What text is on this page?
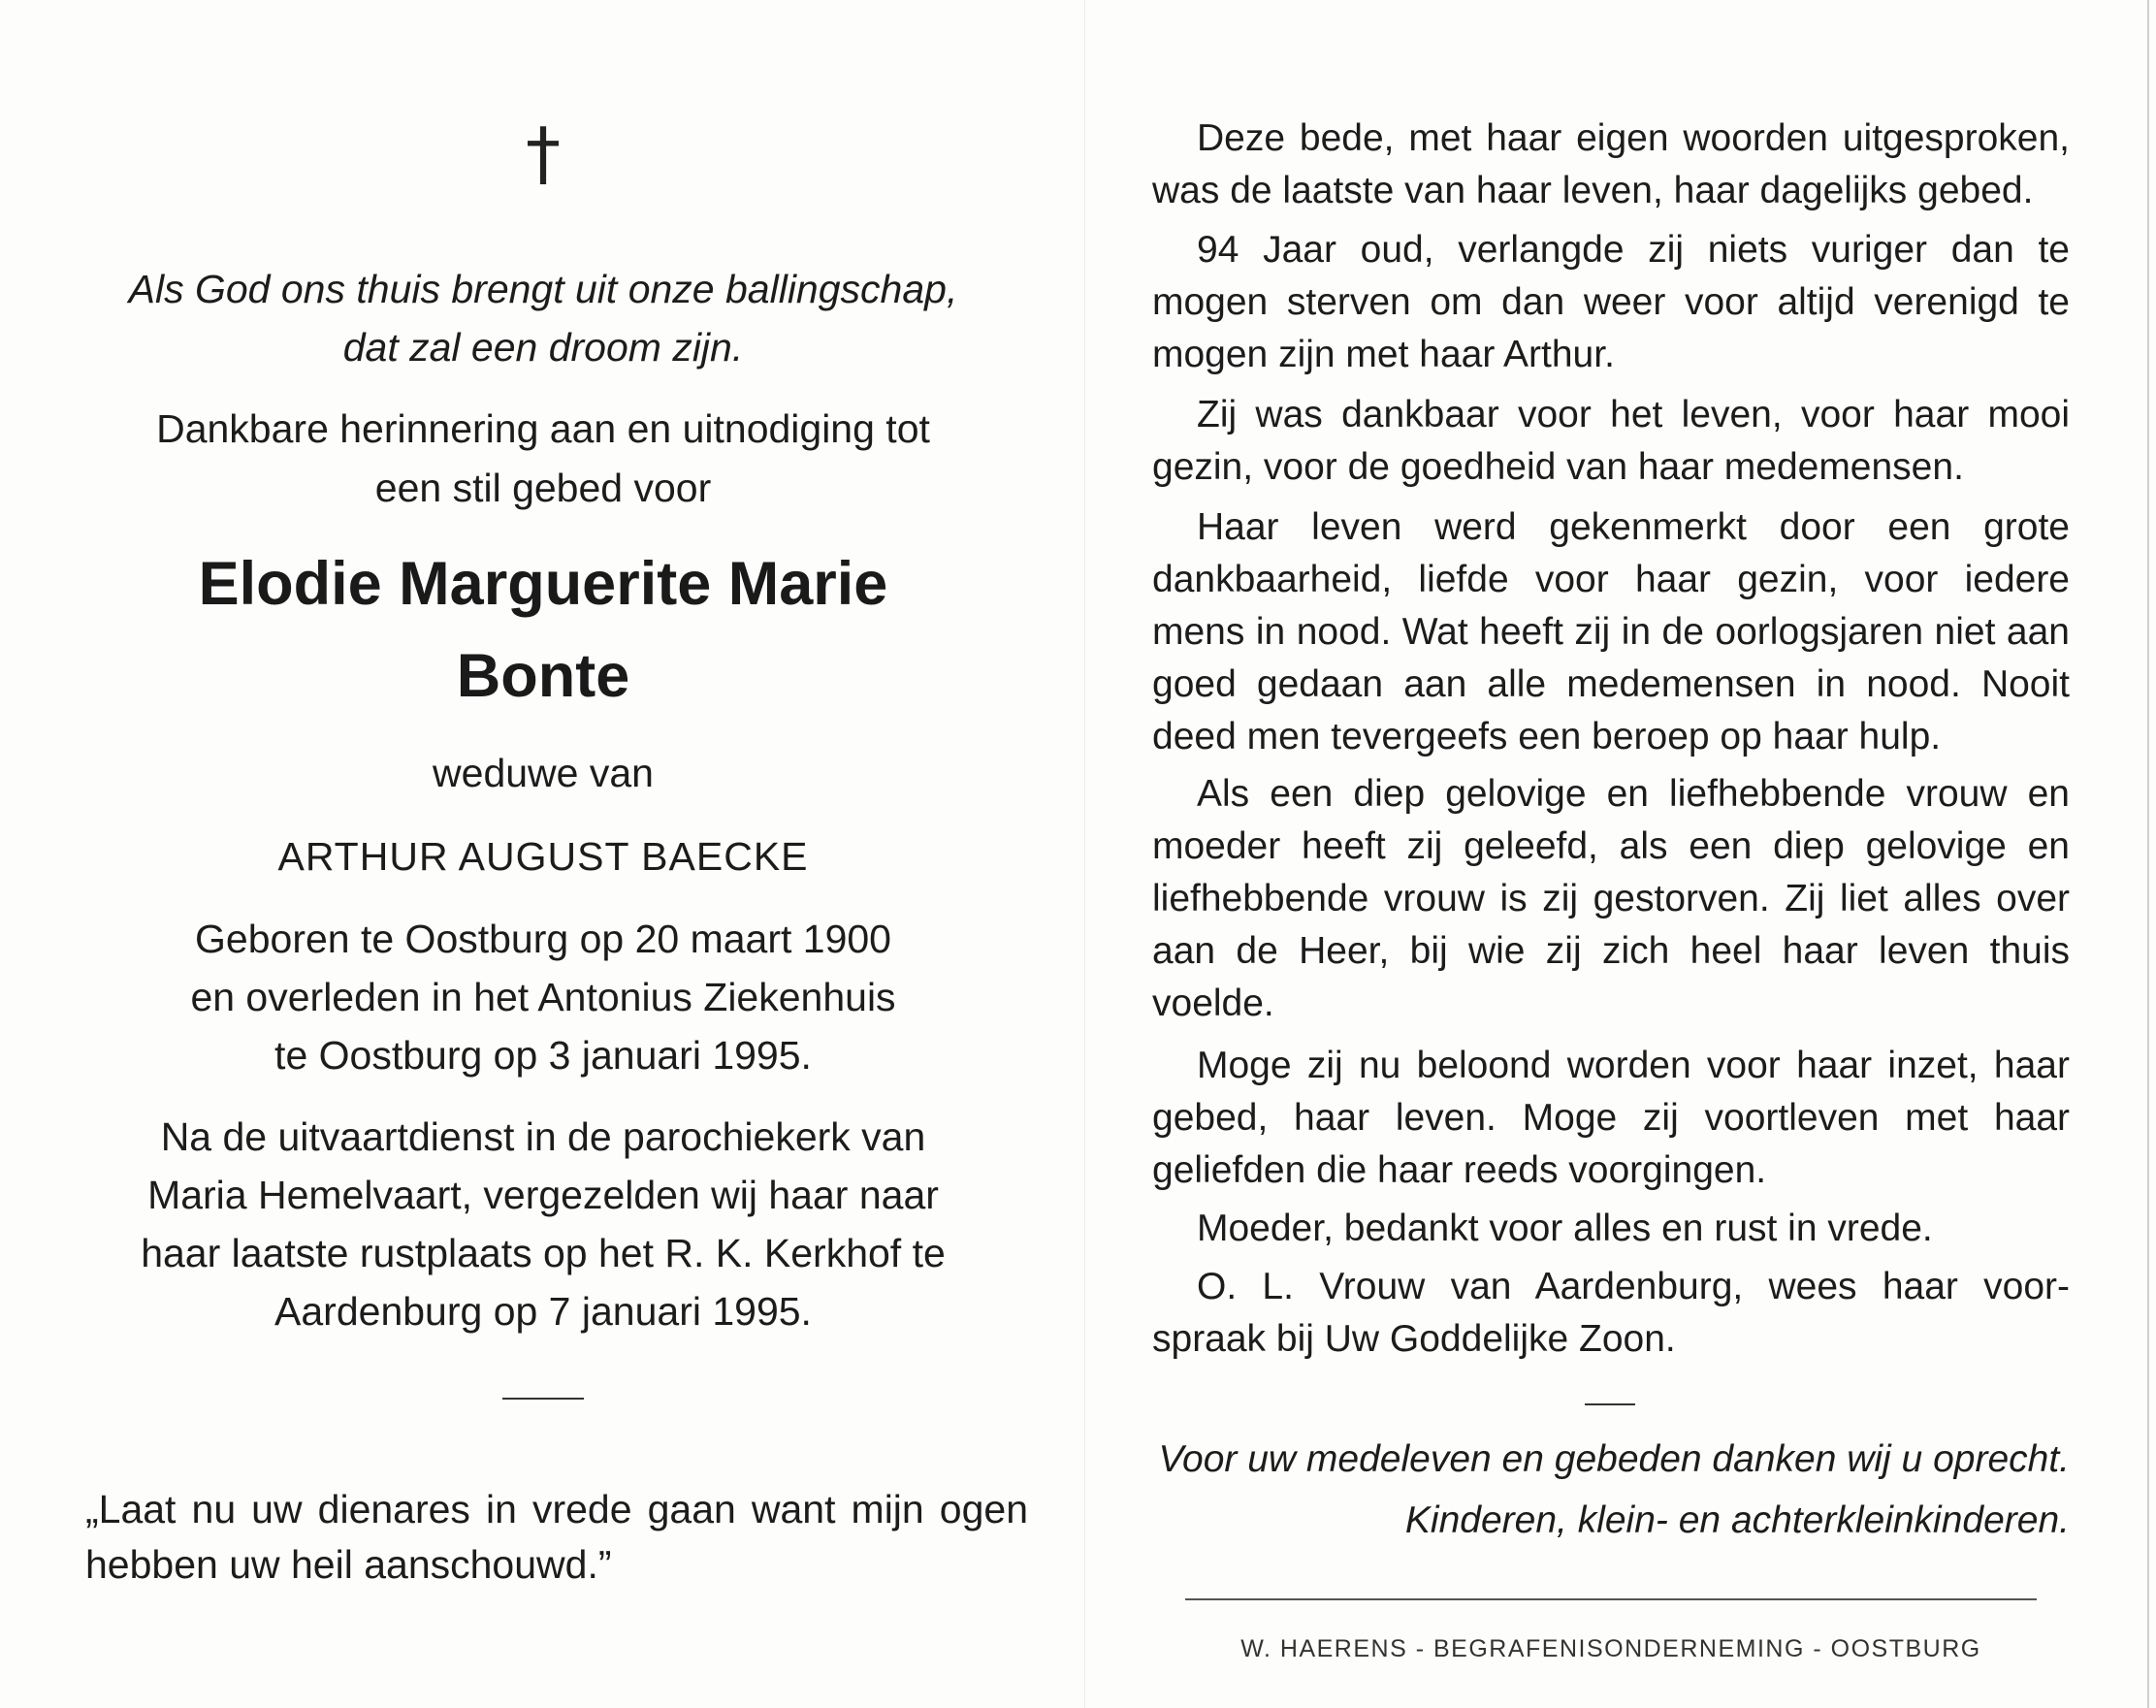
†
Als God ons thuis brengt uit onze ballingschap,
dat zal een droom zijn.
Dankbare herinnering aan en uitnodiging tot
een stil gebed voor
Elodie Marguerite Marie
Bonte
weduwe van
ARTHUR AUGUST BAECKE
Geboren te Oostburg op 20 maart 1900
en overleden in het Antonius Ziekenhuis
te Oostburg op 3 januari 1995.
Na de uitvaartdienst in de parochiekerk van
Maria Hemelvaart, vergezelden wij haar naar
haar laatste rustplaats op het R. K. Kerkhof te
Aardenburg op 7 januari 1995.
„Laat nu uw dienares in vrede gaan want mijn ogen hebben uw heil aanschouwd.”
Deze bede, met haar eigen woorden uitgesproken, was de laatste van haar leven, haar dagelijks gebed.
94 Jaar oud, verlangde zij niets vuriger dan te mogen sterven om dan weer voor altijd verenigd te mogen zijn met haar Arthur.
Zij was dankbaar voor het leven, voor haar mooi gezin, voor de goedheid van haar medemensen.
Haar leven werd gekenmerkt door een grote dankbaarheid, liefde voor haar gezin, voor iedere mens in nood. Wat heeft zij in de oorlogsjaren niet aan goed gedaan aan alle medemensen in nood. Nooit deed men tevergeefs een beroep op haar hulp.
Als een diep gelovige en liefhebbende vrouw en moeder heeft zij geleefd, als een diep gelovige en liefhebbende vrouw is zij gestorven. Zij liet alles over aan de Heer, bij wie zij zich heel haar leven thuis voelde.
Moge zij nu beloond worden voor haar inzet, haar gebed, haar leven. Moge zij voortleven met haar geliefden die haar reeds voorgingen.
Moeder, bedankt voor alles en rust in vrede.
O. L. Vrouw van Aardenburg, wees haar voor-spraak bij Uw Goddelijke Zoon.
Voor uw medeleven en gebeden danken wij u oprecht.
Kinderen, klein- en achterkleinkinderen.
W. HAERENS - BEGRAFENISONDERNEMING - OOSTBURG
